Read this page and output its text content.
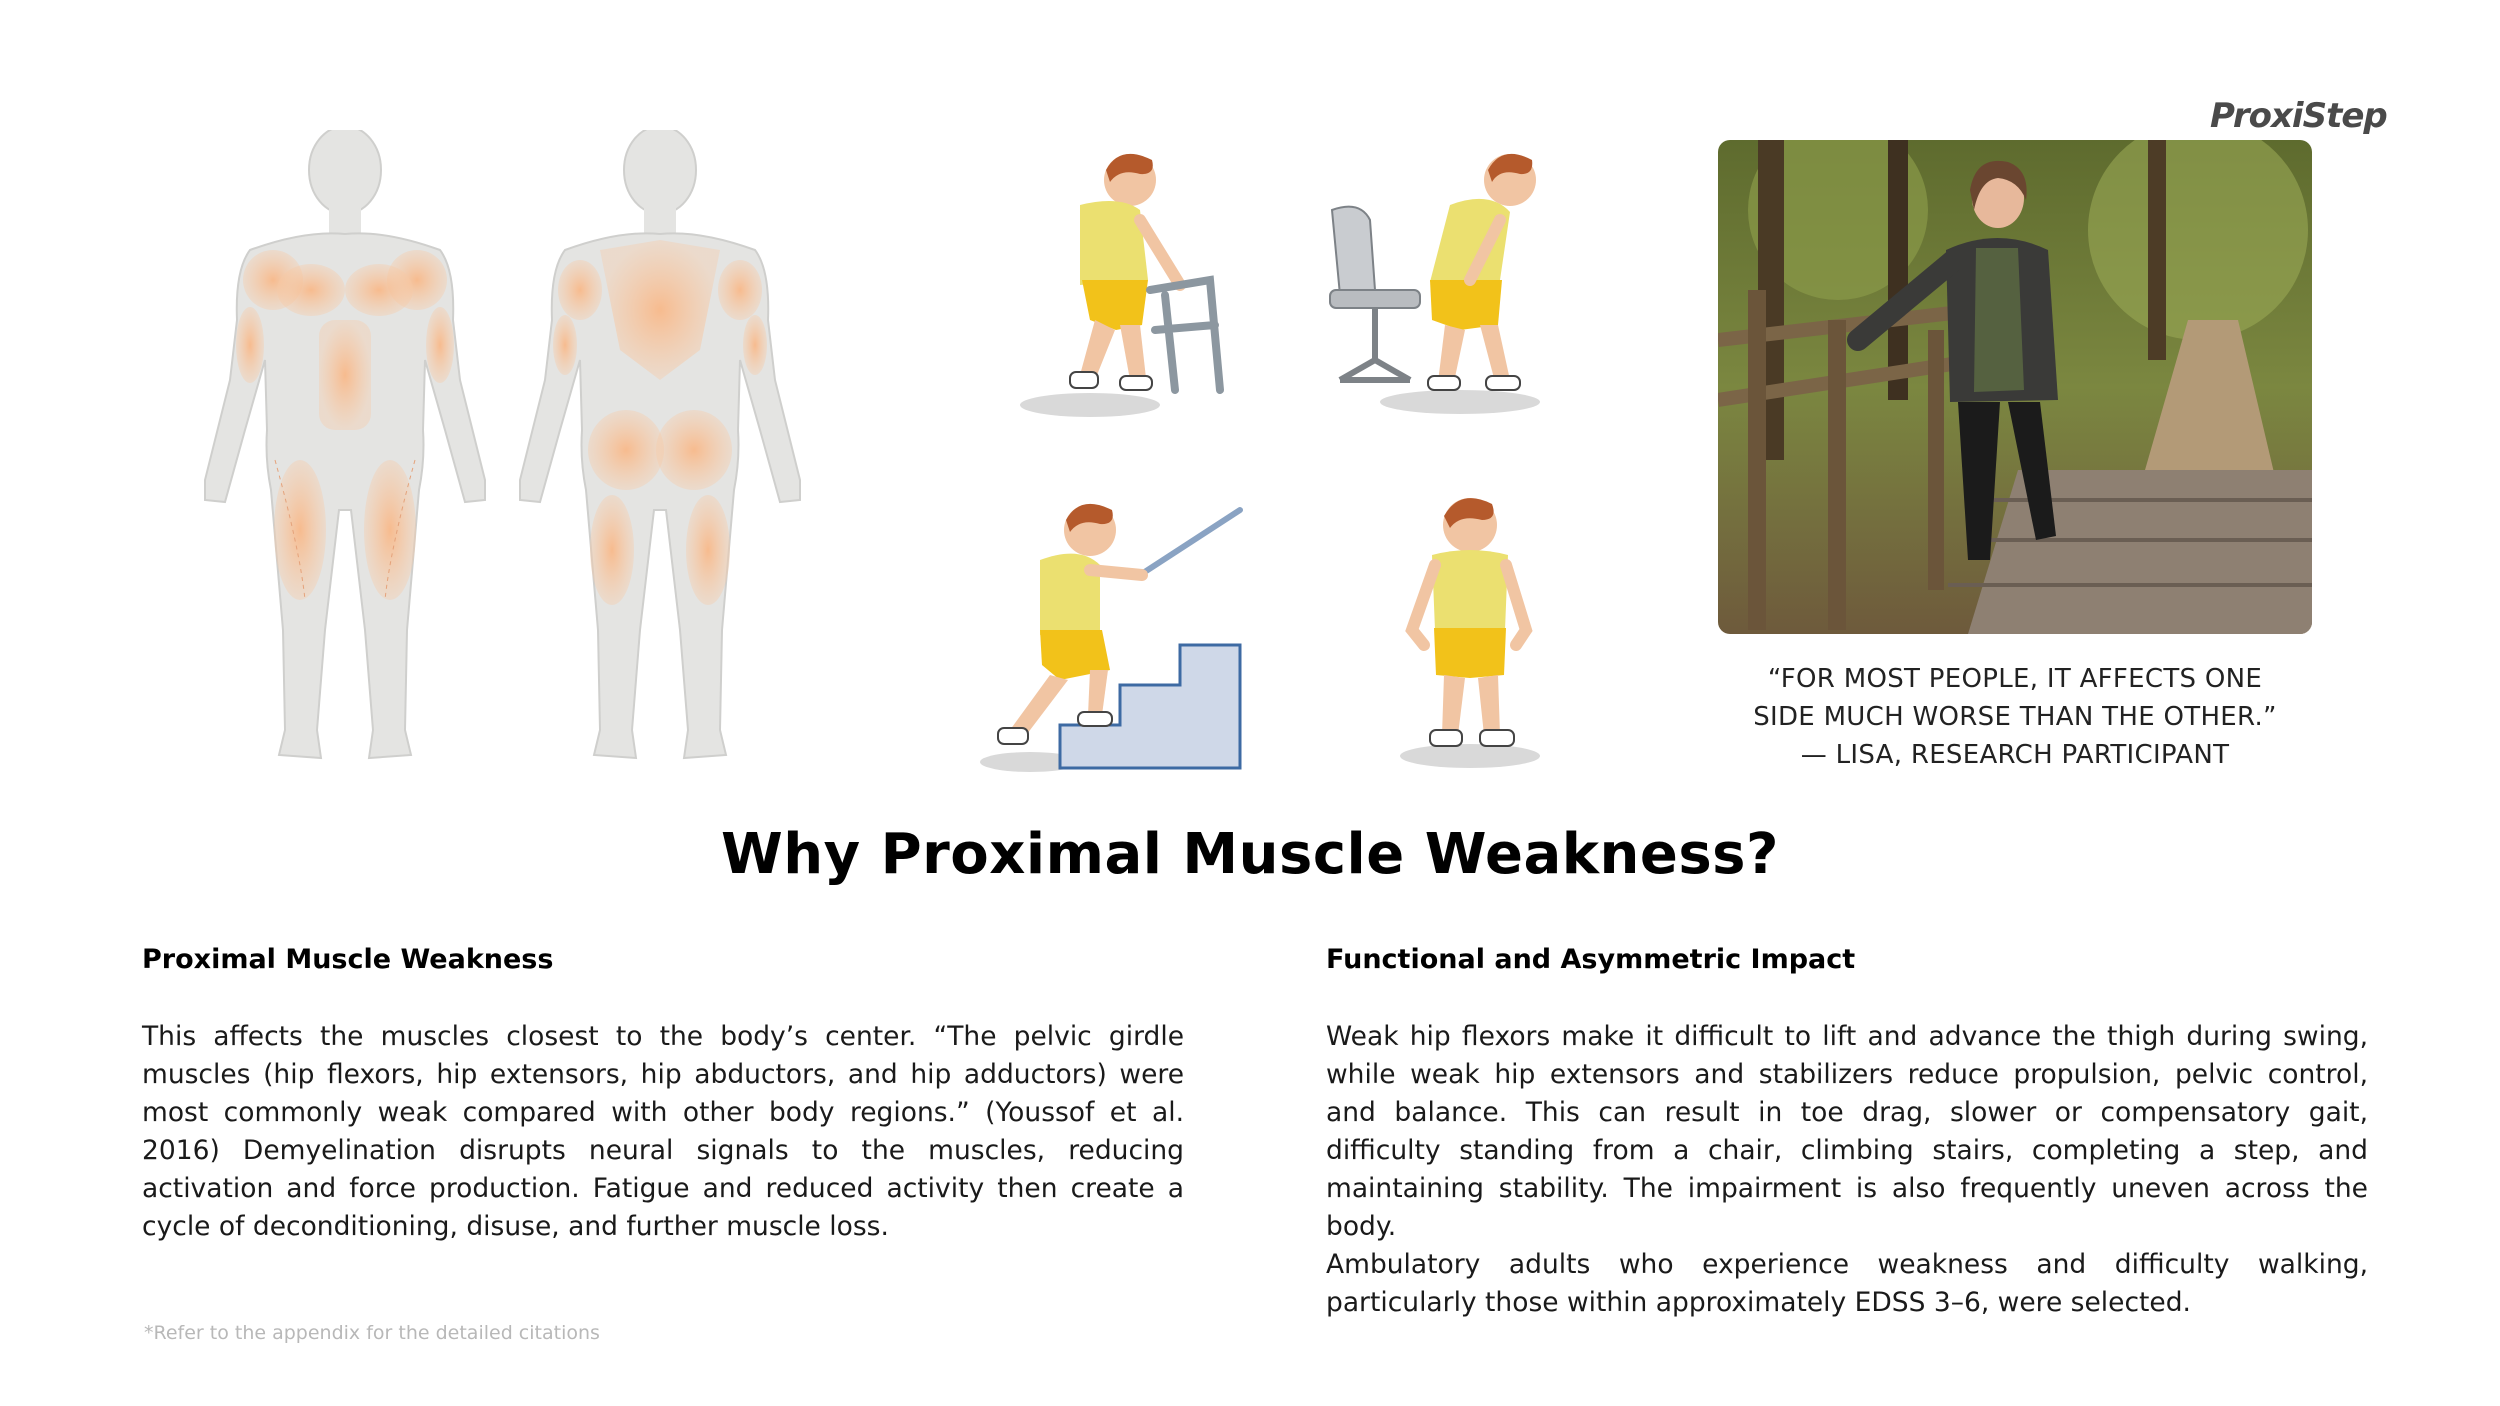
ProxiStep
“FOR MOST PEOPLE, IT AFFECTS ONE
SIDE MUCH WORSE THAN THE OTHER.”
— LISA, RESEARCH PARTICIPANT
Why Proximal Muscle Weakness?
Proximal Muscle Weakness

This affects the muscles closest to the body’s center. “The pelvic girdle muscles (hip flexors, hip extensors, hip abductors, and hip adductors) were most commonly weak compared with other body regions.” (Youssof et al. 2016) Demyelination disrupts neural signals to the muscles, reducing activation and force production. Fatigue and reduced activity then create a cycle of deconditioning, disuse, and further muscle loss.

Functional and Asymmetric Impact

Weak hip flexors make it difficult to lift and advance the thigh during swing, while weak hip extensors and stabilizers reduce propulsion, pelvic control, and balance. This can result in toe drag, slower or compensatory gait, difficulty standing from a chair, climbing stairs, completing a step, and maintaining stability. The impairment is also frequently uneven across the body.

Ambulatory adults who experience weakness and difficulty walking, particularly those within approximately EDSS 3–6, were selected.

*Refer to the appendix for the detailed citations
